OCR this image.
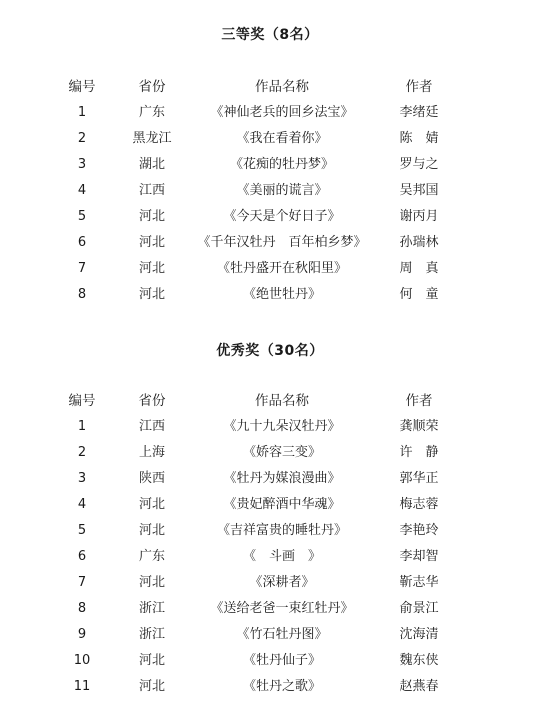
三等奖（8名）
编号	省份	作品名称	作者
1	广东	《神仙老兵的回乡法宝》	李绪廷
2	黑龙江	《我在看着你》	陈　婧
3	湖北	《花痴的牡丹梦》	罗与之
4	江西	《美丽的谎言》	吴邦国
5	河北	《今天是个好日子》	谢丙月
6	河北	《千年汉牡丹　百年柏乡梦》	孙瑞林
7	河北	《牡丹盛开在秋阳里》	周　真
8	河北	《绝世牡丹》	何　童
优秀奖（30名）
编号	省份	作品名称	作者
1	江西	《九十九朵汉牡丹》	龚顺荣
2	上海	《娇容三变》	许　静
3	陕西	《牡丹为媒浪漫曲》	郭华正
4	河北	《贵妃醉酒中华魂》	梅志蓉
5	河北	《吉祥富贵的睡牡丹》	李艳玲
6	广东	《　斗画　》	李却智
7	河北	《深耕者》	靳志华
8	浙江	《送给老爸一束红牡丹》	俞景江
9	浙江	《竹石牡丹图》	沈海清
10	河北	《牡丹仙子》	魏东侠
11	河北	《牡丹之歌》	赵燕春
